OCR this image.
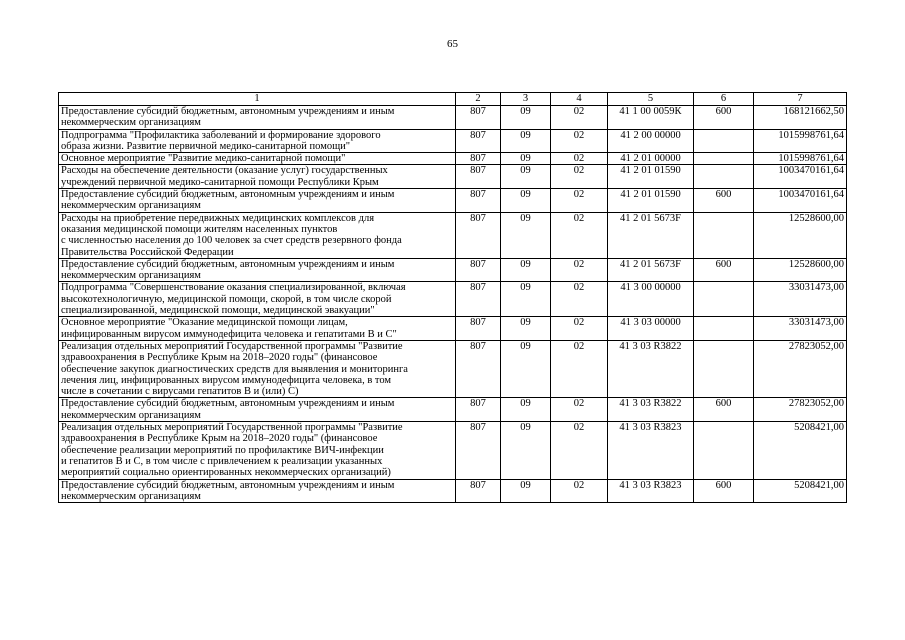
65
1	2	3	4	5	6	7
Предоставление субсидий бюджетным, автономным учреждениям и иным
некоммерческим организациям	807	09	02	41 1 00 0059К	600	168121662,50
Подпрограмма "Профилактика заболеваний и формирование здорового
образа жизни. Развитие первичной медико-санитарной помощи"	807	09	02	41 2 00 00000		1015998761,64
Основное мероприятие "Развитие медико-санитарной помощи"	807	09	02	41 2 01 00000		1015998761,64
Расходы на обеспечение деятельности (оказание услуг) государственных
учреждений первичной медико-санитарной помощи Республики Крым	807	09	02	41 2 01 01590		1003470161,64
Предоставление субсидий бюджетным, автономным учреждениям и иным
некоммерческим организациям	807	09	02	41 2 01 01590	600	1003470161,64
Расходы на приобретение передвижных медицинских комплексов для
оказания медицинской помощи жителям населенных пунктов
с численностью населения до 100 человек за счет средств резервного фонда
Правительства Российской Федерации	807	09	02	41 2 01 5673F		12528600,00
Предоставление субсидий бюджетным, автономным учреждениям и иным
некоммерческим организациям	807	09	02	41 2 01 5673F	600	12528600,00
Подпрограмма "Совершенствование оказания специализированной, включая
высокотехнологичную, медицинской помощи, скорой, в том числе скорой
специализированной, медицинской помощи, медицинской эвакуации"	807	09	02	41 3 00 00000		33031473,00
Основное мероприятие "Оказание медицинской помощи лицам,
инфицированным вирусом иммунодефицита человека и гепатитами В и С"	807	09	02	41 3 03 00000		33031473,00
Реализация отдельных мероприятий Государственной программы "Развитие
здравоохранения в Республике Крым на 2018–2020 годы" (финансовое
обеспечение закупок диагностических средств для выявления и мониторинга
лечения лиц, инфицированных вирусом иммунодефицита человека, в том
числе в сочетании с вирусами гепатитов В и (или) С)	807	09	02	41 3 03 R3822		27823052,00
Предоставление субсидий бюджетным, автономным учреждениям и иным
некоммерческим организациям	807	09	02	41 3 03 R3822	600	27823052,00
Реализация отдельных мероприятий Государственной программы "Развитие
здравоохранения в Республике Крым на 2018–2020 годы" (финансовое
обеспечение реализации мероприятий по профилактике ВИЧ-инфекции
и гепатитов В и С, в том числе с привлечением к реализации указанных
мероприятий социально ориентированных некоммерческих организаций)	807	09	02	41 3 03 R3823		5208421,00
Предоставление субсидий бюджетным, автономным учреждениям и иным
некоммерческим организациям	807	09	02	41 3 03 R3823	600	5208421,00
